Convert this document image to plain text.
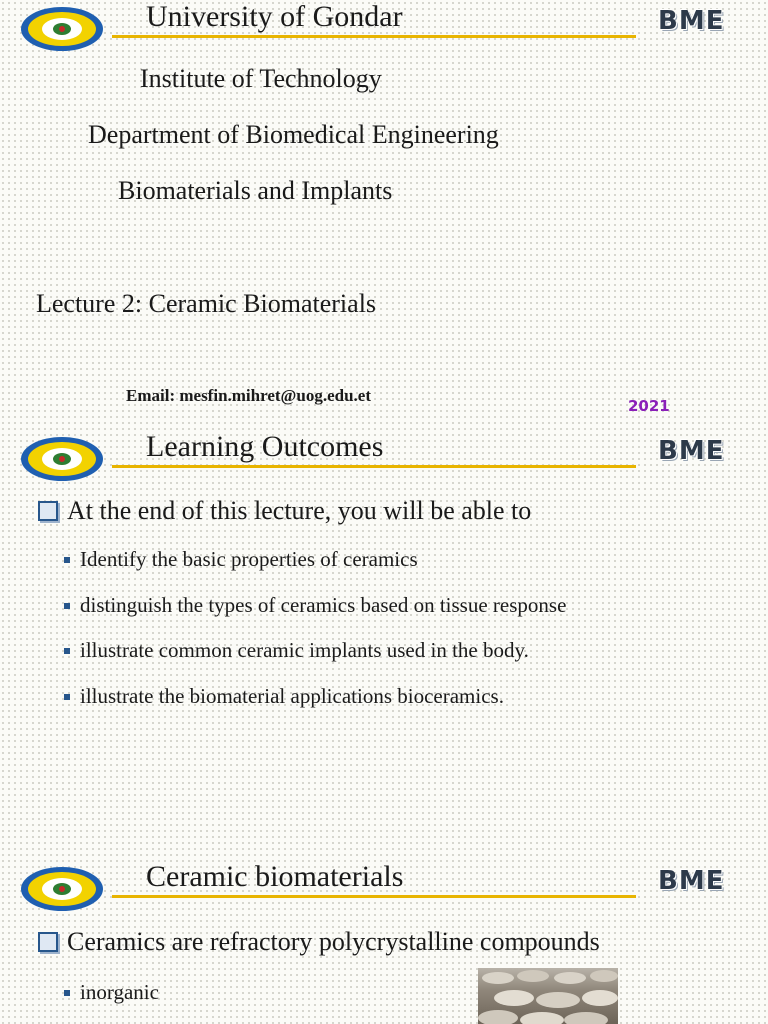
University of Gondar	BME
Institute of Technology
Department of Biomedical Engineering
Biomaterials and Implants
Lecture 2: Ceramic Biomaterials
Email: mesfin.mihret@uog.edu.et
2021
Learning Outcomes	BME
At the end of this lecture, you will be able to
Identify the basic properties of ceramics
distinguish the types of ceramics based on tissue response
illustrate common ceramic implants used in the body.
illustrate the biomaterial applications bioceramics.
Ceramic biomaterials	BME
Ceramics are refractory polycrystalline compounds
inorganic
